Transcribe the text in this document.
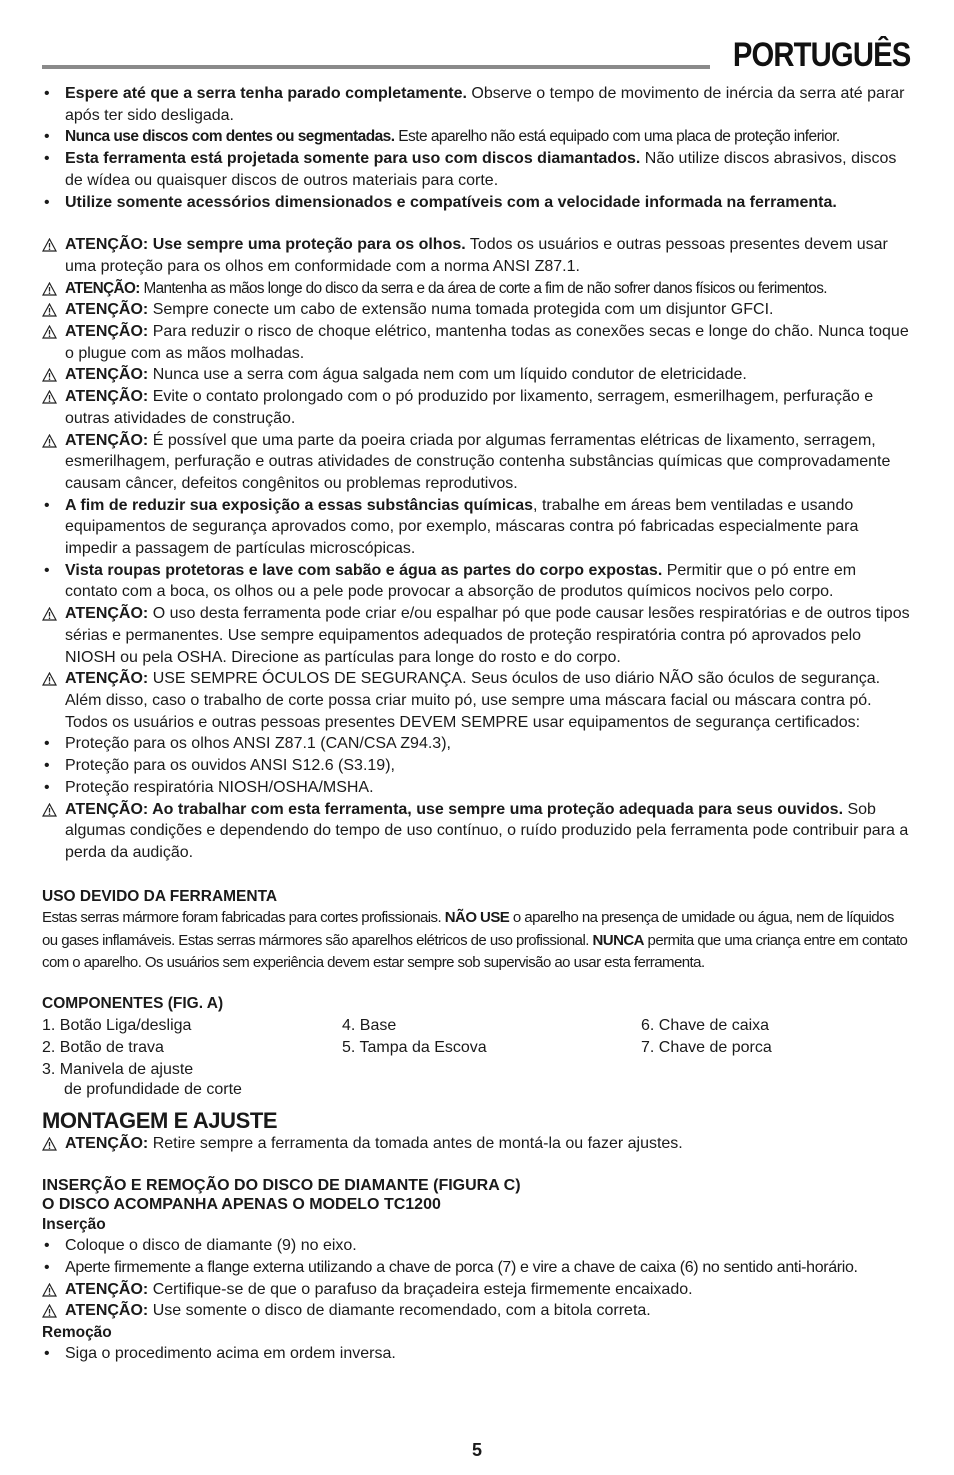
PORTUGUÊS
• Espere até que a serra tenha parado completamente. Observe o tempo de movimento de inércia da serra até parar após ter sido desligada.
•	Nunca use discos com dentes ou segmentadas. Este aparelho não está equipado com uma placa de proteção inferior.
• Esta ferramenta está projetada somente para uso com discos diamantados. Não utilize discos abrasivos, discos de wídea ou quaisquer discos de outros materiais para corte.
• Utilize somente acessórios dimensionados e compatíveis com a velocidade informada na ferramenta.
ATENÇÃO: Use sempre uma proteção para os olhos. Todos os usuários e outras pessoas presentes devem usar uma proteção para os olhos em conformidade com a norma ANSI Z87.1.
ATENÇÃO: Mantenha as mãos longe do disco da serra e da área de corte a fim de não sofrer danos físicos ou ferimentos.
ATENÇÃO: Sempre conecte um cabo de extensão numa tomada protegida com um disjuntor GFCI.
ATENÇÃO: Para reduzir o risco de choque elétrico, mantenha todas as conexões secas e longe do chão. Nunca toque o plugue com as mãos molhadas.
ATENÇÃO: Nunca use a serra com água salgada nem com um líquido condutor de eletricidade.
ATENÇÃO: Evite o contato prolongado com o pó produzido por lixamento, serragem, esmerilhagem, perfuração e outras atividades de construção.
ATENÇÃO: É possível que uma parte da poeira criada por algumas ferramentas elétricas de lixamento, serragem, esmerilhagem, perfuração e outras atividades de construção contenha substâncias químicas que comprovadamente causam câncer, defeitos congênitos ou problemas reprodutivos.
• A fim de reduzir sua exposição a essas substâncias químicas, trabalhe em áreas bem ventiladas e usando equipamentos de segurança aprovados como, por exemplo, máscaras contra pó fabricadas especialmente para impedir a passagem de partículas microscópicas.
• Vista roupas protetoras e lave com sabão e água as partes do corpo expostas. Permitir que o pó entre em contato com a boca, os olhos ou a pele pode provocar a absorção de produtos químicos nocivos pelo corpo.
ATENÇÃO: O uso desta ferramenta pode criar e/ou espalhar pó que pode causar lesões respiratórias e de outros tipos sérias e permanentes. Use sempre equipamentos adequados de proteção respiratória contra pó aprovados pelo NIOSH ou pela OSHA. Direcione as partículas para longe do rosto e do corpo.
ATENÇÃO: USE SEMPRE ÓCULOS DE SEGURANÇA. Seus óculos de uso diário NÃO são óculos de segurança. Além disso, caso o trabalho de corte possa criar muito pó, use sempre uma máscara facial ou máscara contra pó. Todos os usuários e outras pessoas presentes DEVEM SEMPRE usar equipamentos de segurança certificados:
• Proteção para os olhos ANSI Z87.1 (CAN/CSA Z94.3),
• Proteção para os ouvidos ANSI S12.6 (S3.19),
• Proteção respiratória NIOSH/OSHA/MSHA.
ATENÇÃO: Ao trabalhar com esta ferramenta, use sempre uma proteção adequada para seus ouvidos. Sob algumas condições e dependendo do tempo de uso contínuo, o ruído produzido pela ferramenta pode contribuir para a perda da audição.
USO DEVIDO DA FERRAMENTA
Estas serras mármore foram fabricadas para cortes profissionais. NÃO USE o aparelho na presença de umidade ou água, nem de líquidos ou gases inflamáveis. Estas serras mármores são aparelhos elétricos de uso profissional. NUNCA permita que uma criança entre em contato com o aparelho. Os usuários sem experiência devem estar sempre sob supervisão ao usar esta ferramenta.
COMPONENTES (FIG. A)
1. Botão Liga/desliga
2. Botão de trava
3. Manivela de ajuste
de profundidade de corte
4. Base
5. Tampa da Escova
6. Chave de caixa
7. Chave de porca
MONTAGEM E AJUSTE
ATENÇÃO: Retire sempre a ferramenta da tomada antes de montá-la ou fazer ajustes.
INSERÇÃO E REMOÇÃO DO DISCO DE DIAMANTE (FIGURA C)
O DISCO ACOMPANHA APENAS O MODELO TC1200
Inserção
• Coloque o disco de diamante (9) no eixo.
• Aperte firmemente a flange externa utilizando a chave de porca (7) e vire a chave de caixa (6) no sentido anti-horário.
ATENÇÃO: Certifique-se de que o parafuso da braçadeira esteja firmemente encaixado.
ATENÇÃO: Use somente o disco de diamante recomendado, com a bitola correta.
Remoção
• Siga o procedimento acima em ordem inversa.
5
